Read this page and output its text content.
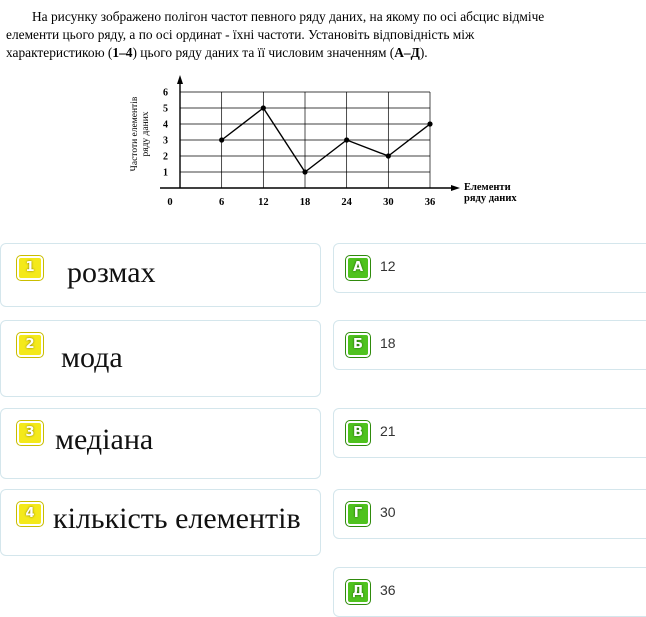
На рисунку зображено полігон частот певного ряду даних, на якому по осі абсцис відміче
елементи цього ряду, а по осі ординат - їхні частоти. Установіть відповідність між
характеристикою (1–4) цього ряду даних та її числовим значенням (А–Д).
1
2
3
4
5
6
0	6	12	18	24	30	36
Частоти елементів ряду даних
Елементи
ряду даних
1 розмах
2 мода
3 медіана
4 кількість елементів
А	12
Б	18
В	21
Г	30
Д	36
